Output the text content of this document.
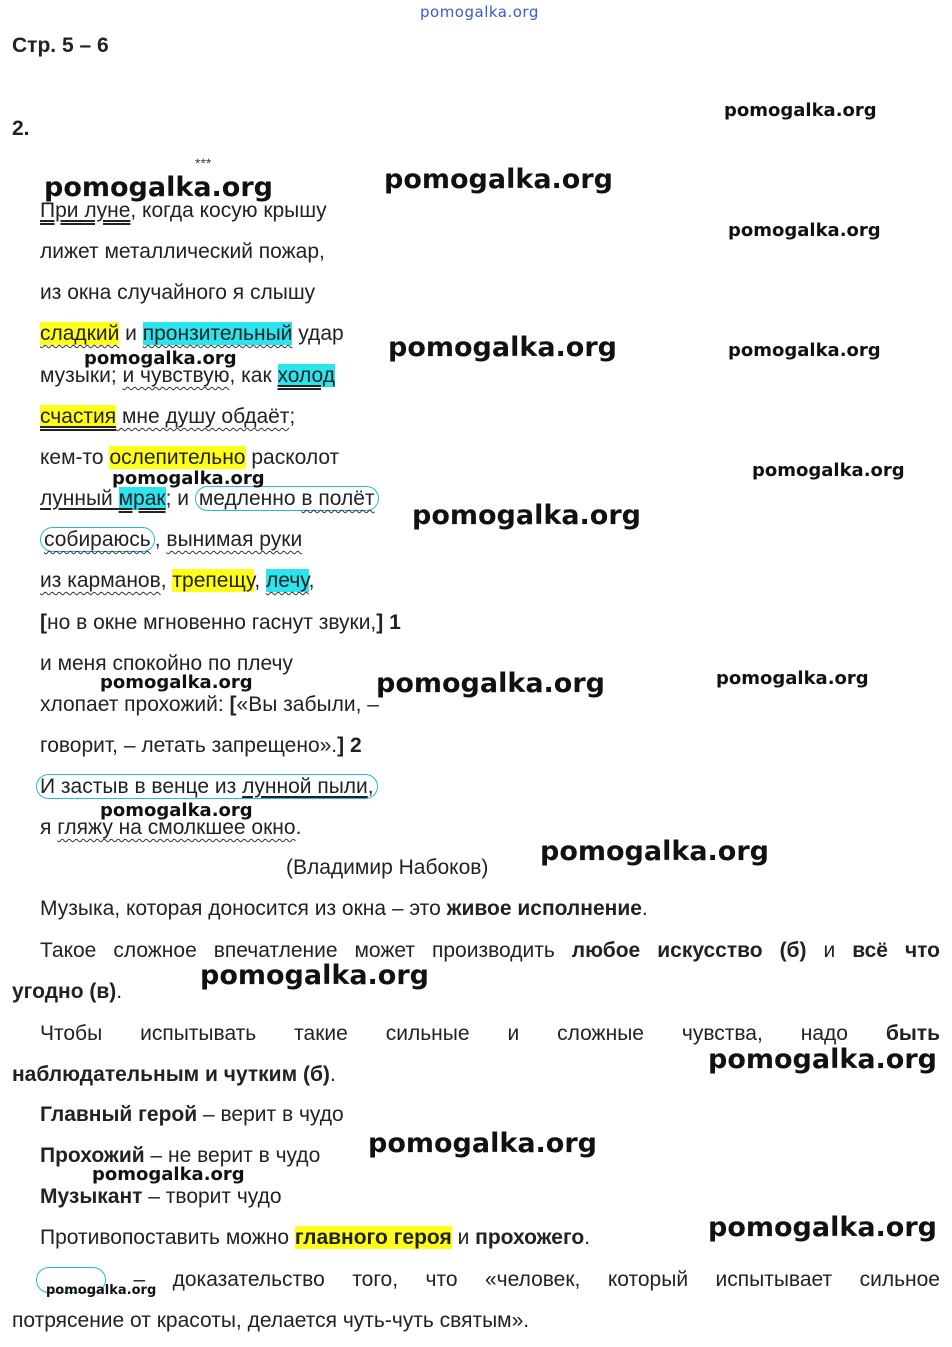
pomogalka.org
Стр. 5 – 6
2.
***
При луне, когда косую крышу
лижет металлический пожар,
из окна случайного я слышу
сладкий и пронзительный удар
музыки; и чувствую, как холод
счастия мне душу обдаёт;
кем-то ослепительно расколот
лунный мрак; и медленно в полёт
собираюсь , вынимая руки
из карманов, трепещу, лечу,
[но в окне мгновенно гаснут звуки,] 1
и меня спокойно по плечу
хлопает прохожий: [«Вы забыли, –
говорит, – летать запрещено».] 2
И застыв в венце из лунной пыли,
я гляжу на смолкшее окно.
(Владимир Набоков)
Музыка, которая доносится из окна – это живое исполнение.
Такое сложное впечатление может производить любое искусство (б) и всё что
угодно (в).
Чтобы испытывать такие сильные и сложные чувства, надо быть
наблюдательным и чутким (б).
Главный герой – верит в чудо
Прохожий – не верит в чудо
Музыкант – творит чудо
Противопоставить можно главного героя и прохожего.
– доказательство того, что «человек, который испытывает сильное
потрясение от красоты, делается чуть-чуть святым».
pomogalka.org	pomogalka.org
pomogalka.org
pomogalka.org
pomogalka.org
pomogalka.org	pomogalka.org
pomogalka.org
pomogalka.org
pomogalka.org
pomogalka.org
pomogalka.org	pomogalka.org
pomogalka.org
pomogalka.org
pomogalka.org
pomogalka.org
pomogalka.org
pomogalka.org
pomogalka.org
pomogalka.org
